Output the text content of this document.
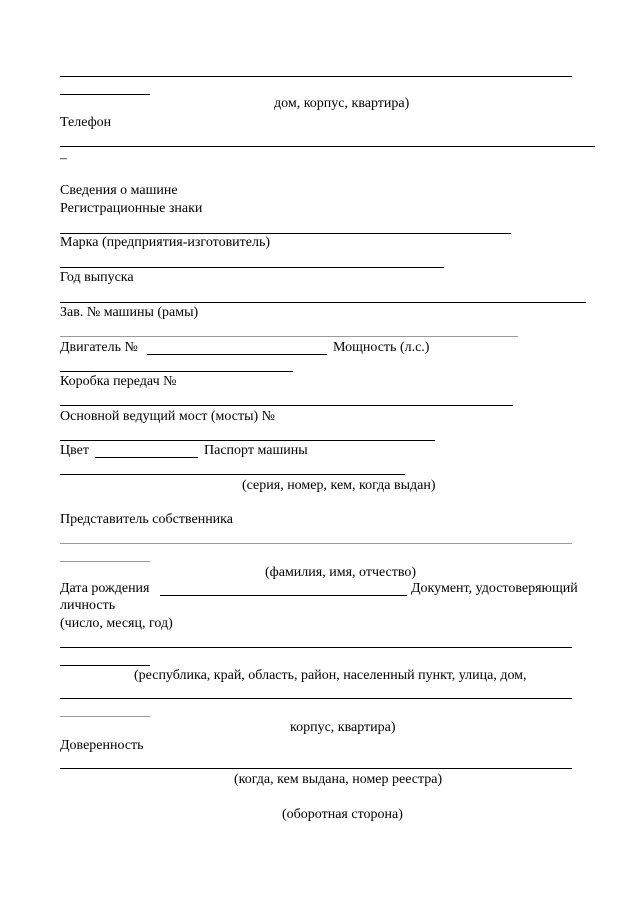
дом, корпус, квартира)
Телефон
–
Сведения о машине
Регистрационные знаки
Марка (предприятия-изготовитель)
Год выпуска
Зав. № машины (рамы)
Двигатель №	Мощность (л.с.)
Коробка передач №
Основной ведущий мост (мосты) №
Цвет	Паспорт машины
(серия, номер, кем, когда выдан)
Представитель собственника
(фамилия, имя, отчество)
Дата рождения	Документ, удостоверяющий
личность
(число, месяц, год)
(республика, край, область, район, населенный пункт, улица, дом,
корпус, квартира)
Доверенность
(когда, кем выдана, номер реестра)
(оборотная сторона)
